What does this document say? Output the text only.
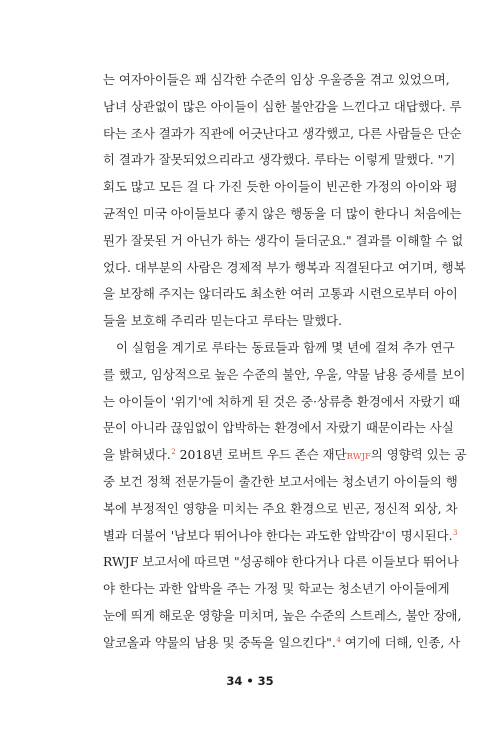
는 여자아이들은 꽤 심각한 수준의 임상 우울증을 겪고 있었으며,
남녀 상관없이 많은 아이들이 심한 불안감을 느낀다고 대답했다. 루
타는 조사 결과가 직관에 어긋난다고 생각했고, 다른 사람들은 단순
히 결과가 잘못되었으리라고 생각했다. 루타는 이렇게 말했다. "기
회도 많고 모든 걸 다 가진 듯한 아이들이 빈곤한 가정의 아이와 평
균적인 미국 아이들보다 좋지 않은 행동을 더 많이 한다니 처음에는
뭔가 잘못된 거 아닌가 하는 생각이 들더군요." 결과를 이해할 수 없
었다. 대부분의 사람은 경제적 부가 행복과 직결된다고 여기며, 행복
을 보장해 주지는 않더라도 최소한 여러 고통과 시련으로부터 아이
들을 보호해 주리라 믿는다고 루타는 말했다.
이 실험을 계기로 루타는 동료들과 함께 몇 년에 걸쳐 추가 연구
를 했고, 임상적으로 높은 수준의 불안, 우울, 약물 남용 증세를 보이
는 아이들이 '위기'에 처하게 된 것은 중·상류층 환경에서 자랐기 때
문이 아니라 끊임없이 압박하는 환경에서 자랐기 때문이라는 사실
을 밝혀냈다.$^2$ 2018년 로버트 우드 존슨 재단RWJF의 영향력 있는 공
중 보건 정책 전문가들이 출간한 보고서에는 청소년기 아이들의 행
복에 부정적인 영향을 미치는 주요 환경으로 빈곤, 정신적 외상, 차
별과 더불어 '남보다 뛰어나야 한다는 과도한 압박감'이 명시된다.$^3$
RWJF 보고서에 따르면 "성공해야 한다거나 다른 이들보다 뛰어나
야 한다는 과한 압박을 주는 가정 및 학교는 청소년기 아이들에게
눈에 띄게 해로운 영향을 미치며, 높은 수준의 스트레스, 불안 장애,
알코올과 약물의 남용 및 중독을 일으킨다".$^4$ 여기에 더해, 인종, 사
34 • 35
